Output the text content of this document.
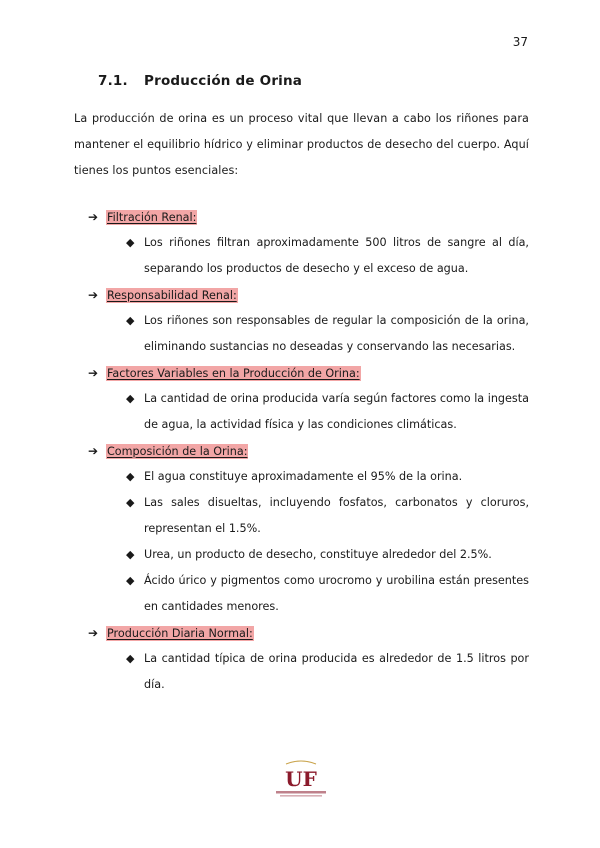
37
7.1. Producción de Orina
La producción de orina es un proceso vital que llevan a cabo los riñones para mantener el equilibrio hídrico y eliminar productos de desecho del cuerpo. Aquí tienes los puntos esenciales:
➔ Filtración Renal:
◆ Los riñones filtran aproximadamente 500 litros de sangre al día, separando los productos de desecho y el exceso de agua.
➔ Responsabilidad Renal:
◆ Los riñones son responsables de regular la composición de la orina, eliminando sustancias no deseadas y conservando las necesarias.
➔ Factores Variables en la Producción de Orina:
◆ La cantidad de orina producida varía según factores como la ingesta de agua, la actividad física y las condiciones climáticas.
➔ Composición de la Orina:
◆ El agua constituye aproximadamente el 95% de la orina.
◆ Las sales disueltas, incluyendo fosfatos, carbonatos y cloruros, representan el 1.5%.
◆ Urea, un producto de desecho, constituye alrededor del 2.5%.
◆ Ácido úrico y pigmentos como urocromo y urobilina están presentes en cantidades menores.
➔ Producción Diaria Normal:
◆ La cantidad típica de orina producida es alrededor de 1.5 litros por día.
UF
